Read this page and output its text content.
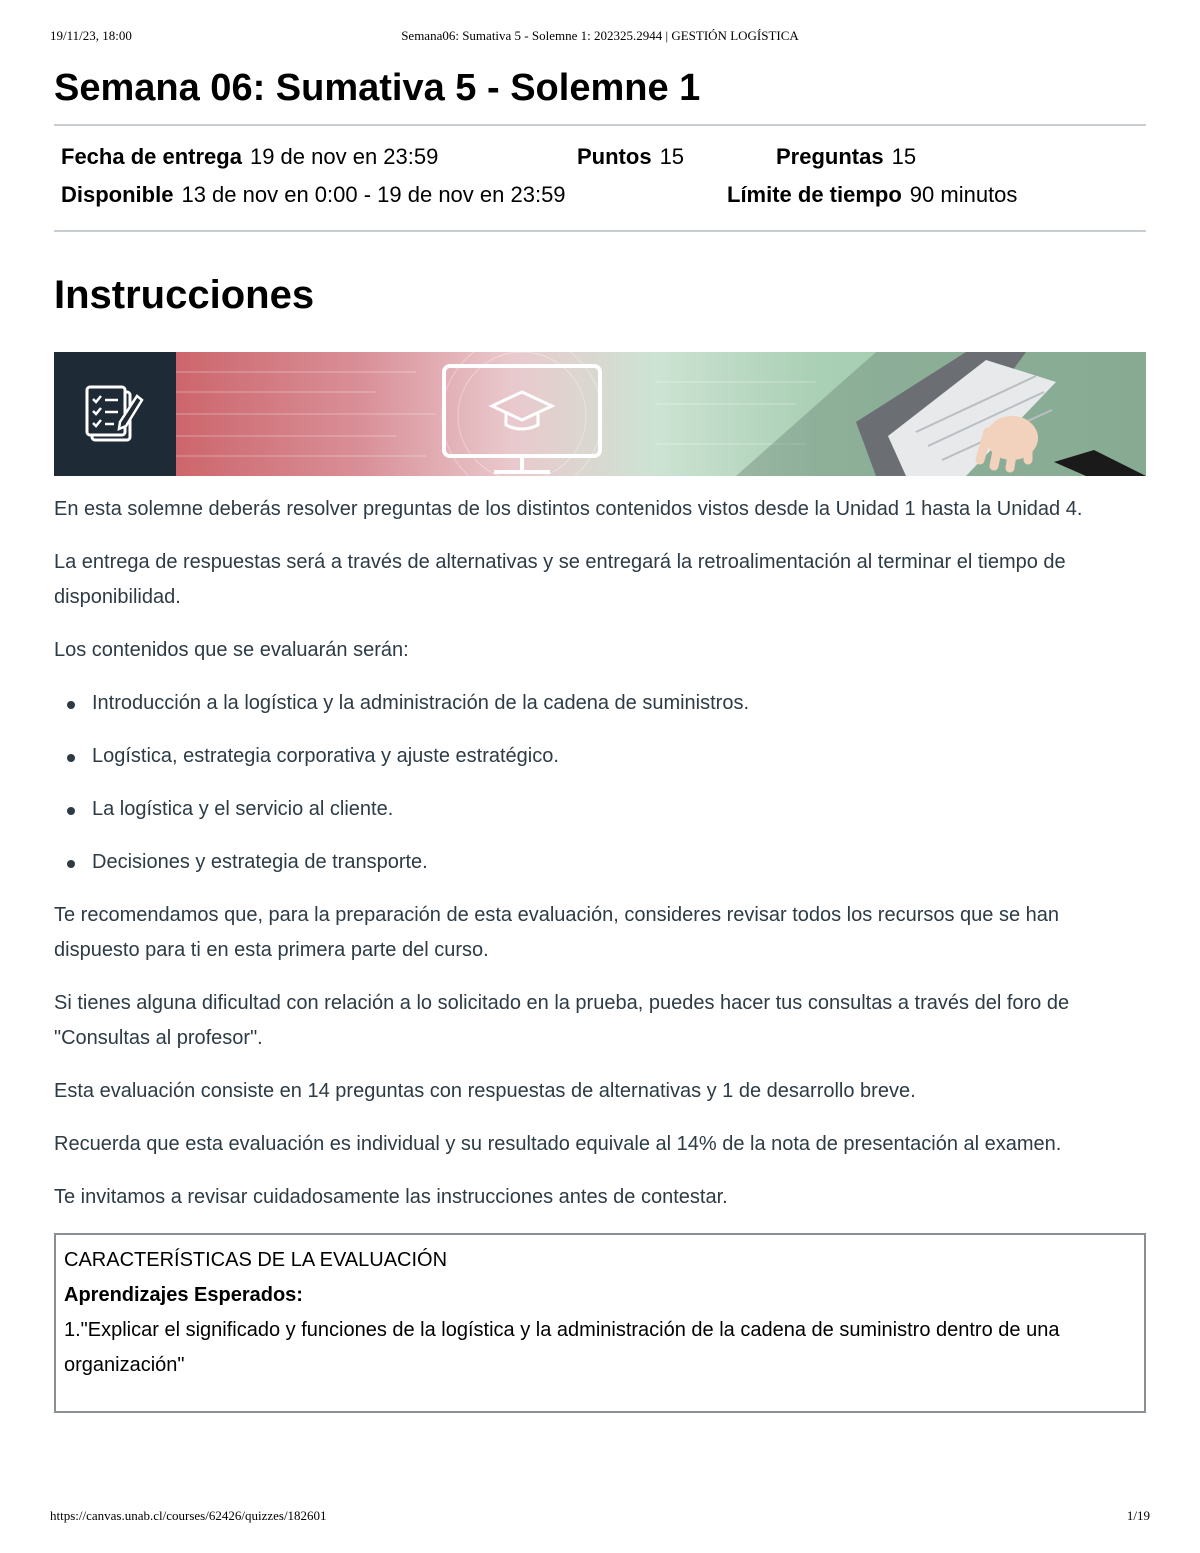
19/11/23, 18:00	Semana06: Sumativa 5 - Solemne 1: 202325.2944 | GESTIÓN LOGÍSTICA
Semana 06: Sumativa 5 - Solemne 1
Fecha de entrega 19 de nov en 23:59	Puntos 15	Preguntas 15
Disponible 13 de nov en 0:00 - 19 de nov en 23:59	Límite de tiempo 90 minutos
Instrucciones

En esta solemne deberás resolver preguntas de los distintos contenidos vistos desde la Unidad 1 hasta la Unidad 4.

La entrega de respuestas será a través de alternativas y se entregará la retroalimentación al terminar el tiempo de disponibilidad.

Los contenidos que se evaluarán serán:

Introducción a la logística y la administración de la cadena de suministros.
Logística, estrategia corporativa y ajuste estratégico.
La logística y el servicio al cliente.
Decisiones y estrategia de transporte.

Te recomendamos que, para la preparación de esta evaluación, consideres revisar todos los recursos que se han dispuesto para ti en esta primera parte del curso.

Si tienes alguna dificultad con relación a lo solicitado en la prueba, puedes hacer tus consultas a través del foro de "Consultas al profesor".

Esta evaluación consiste en 14 preguntas con respuestas de alternativas y 1 de desarrollo breve.

Recuerda que esta evaluación es individual y su resultado equivale al 14% de la nota de presentación al examen.

Te invitamos a revisar cuidadosamente las instrucciones antes de contestar.

CARACTERÍSTICAS DE LA EVALUACIÓN
Aprendizajes Esperados:
1."Explicar el significado y funciones de la logística y la administración de la cadena de suministro dentro de una organización"
https://canvas.unab.cl/courses/62426/quizzes/182601	1/19
